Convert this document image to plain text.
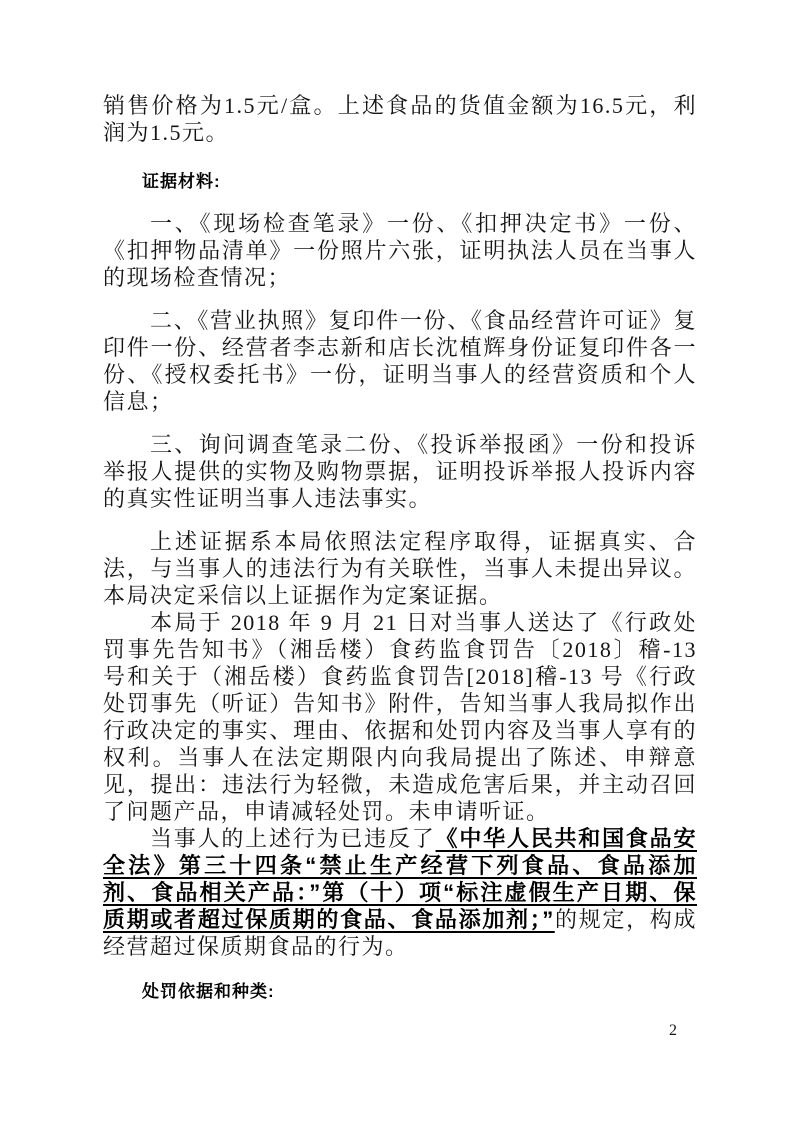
销售价格为1.5元/盒。上述食品的货值金额为16.5元，利润为1.5元。

证据材料:

一、《现场检查笔录》一份、《扣押决定书》一份、《扣押物品清单》一份照片六张，证明执法人员在当事人的现场检查情况；

二、《营业执照》复印件一份、《食品经营许可证》复印件一份、经营者李志新和店长沈植辉身份证复印件各一份、《授权委托书》一份，证明当事人的经营资质和个人信息；

三、询问调查笔录二份、《投诉举报函》一份和投诉举报人提供的实物及购物票据，证明投诉举报人投诉内容的真实性证明当事人违法事实。

上述证据系本局依照法定程序取得，证据真实、合法，与当事人的违法行为有关联性，当事人未提出异议。本局决定采信以上证据作为定案证据。

本局于 2018 年 9 月 21 日对当事人送达了《行政处罚事先告知书》（湘岳楼）食药监食罚告〔2018〕稽-13 号和关于（湘岳楼）食药监食罚告[2018]稽-13 号《行政处罚事先（听证）告知书》附件，告知当事人我局拟作出行政决定的事实、理由、依据和处罚内容及当事人享有的权利。当事人在法定期限内向我局提出了陈述、申辩意见，提出：违法行为轻微，未造成危害后果，并主动召回了问题产品，申请减轻处罚。未申请听证。

当事人的上述行为已违反了《中华人民共和国食品安全法》第三十四条“禁止生产经营下列食品、食品添加剂、食品相关产品：”第（十）项“标注虚假生产日期、保质期或者超过保质期的食品、食品添加剂；”的规定，构成经营超过保质期食品的行为。

处罚依据和种类:
2
